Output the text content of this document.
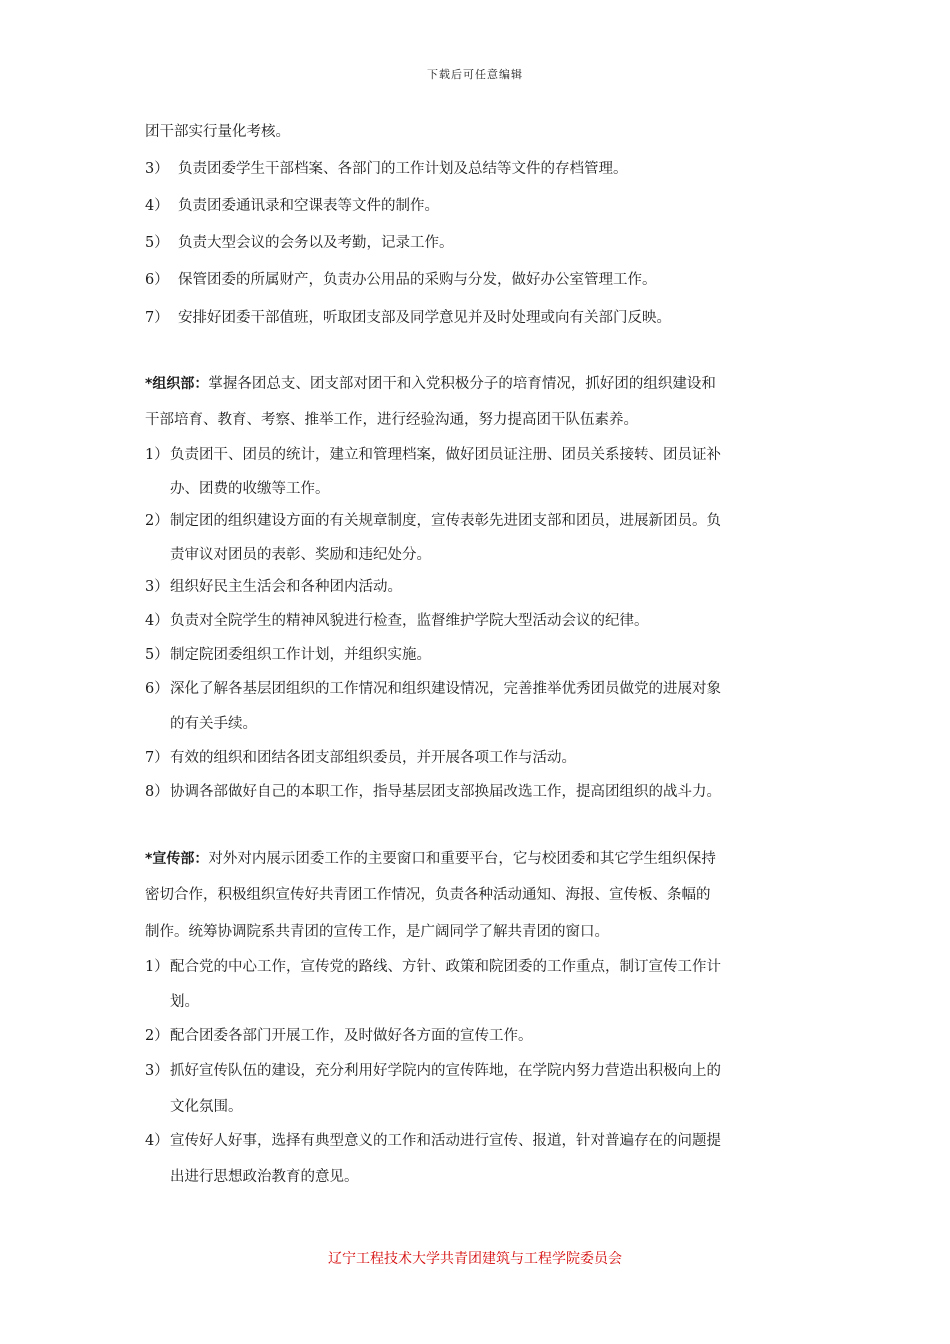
下载后可任意编辑
团干部实行量化考核。
3） 负责团委学生干部档案、各部门的工作计划及总结等文件的存档管理。
4） 负责团委通讯录和空课表等文件的制作。
5） 负责大型会议的会务以及考勤，记录工作。
6） 保管团委的所属财产，负责办公用品的采购与分发，做好办公室管理工作。
7） 安排好团委干部值班，听取团支部及同学意见并及时处理或向有关部门反映。
*组织部：掌握各团总支、团支部对团干和入党积极分子的培育情况，抓好团的组织建设和
干部培育、教育、考察、推举工作，进行经验沟通，努力提高团干队伍素养。
1）负责团干、团员的统计，建立和管理档案，做好团员证注册、团员关系接转、团员证补
办、团费的收缴等工作。
2）制定团的组织建设方面的有关规章制度，宣传表彰先进团支部和团员，进展新团员。负
责审议对团员的表彰、奖励和违纪处分。
3）组织好民主生活会和各种团内活动。
4）负责对全院学生的精神风貌进行检查，监督维护学院大型活动会议的纪律。
5）制定院团委组织工作计划，并组织实施。
6）深化了解各基层团组织的工作情况和组织建设情况，完善推举优秀团员做党的进展对象
的有关手续。
7）有效的组织和团结各团支部组织委员，并开展各项工作与活动。
8）协调各部做好自己的本职工作，指导基层团支部换届改选工作，提高团组织的战斗力。
*宣传部：对外对内展示团委工作的主要窗口和重要平台，它与校团委和其它学生组织保持
密切合作，积极组织宣传好共青团工作情况，负责各种活动通知、海报、宣传板、条幅的
制作。统筹协调院系共青团的宣传工作，是广阔同学了解共青团的窗口。
1）配合党的中心工作，宣传党的路线、方针、政策和院团委的工作重点，制订宣传工作计
划。
2）配合团委各部门开展工作，及时做好各方面的宣传工作。
3）抓好宣传队伍的建设，充分利用好学院内的宣传阵地，在学院内努力营造出积极向上的
文化氛围。
4）宣传好人好事，选择有典型意义的工作和活动进行宣传、报道，针对普遍存在的问题提
出进行思想政治教育的意见。
辽宁工程技术大学共青团建筑与工程学院委员会
